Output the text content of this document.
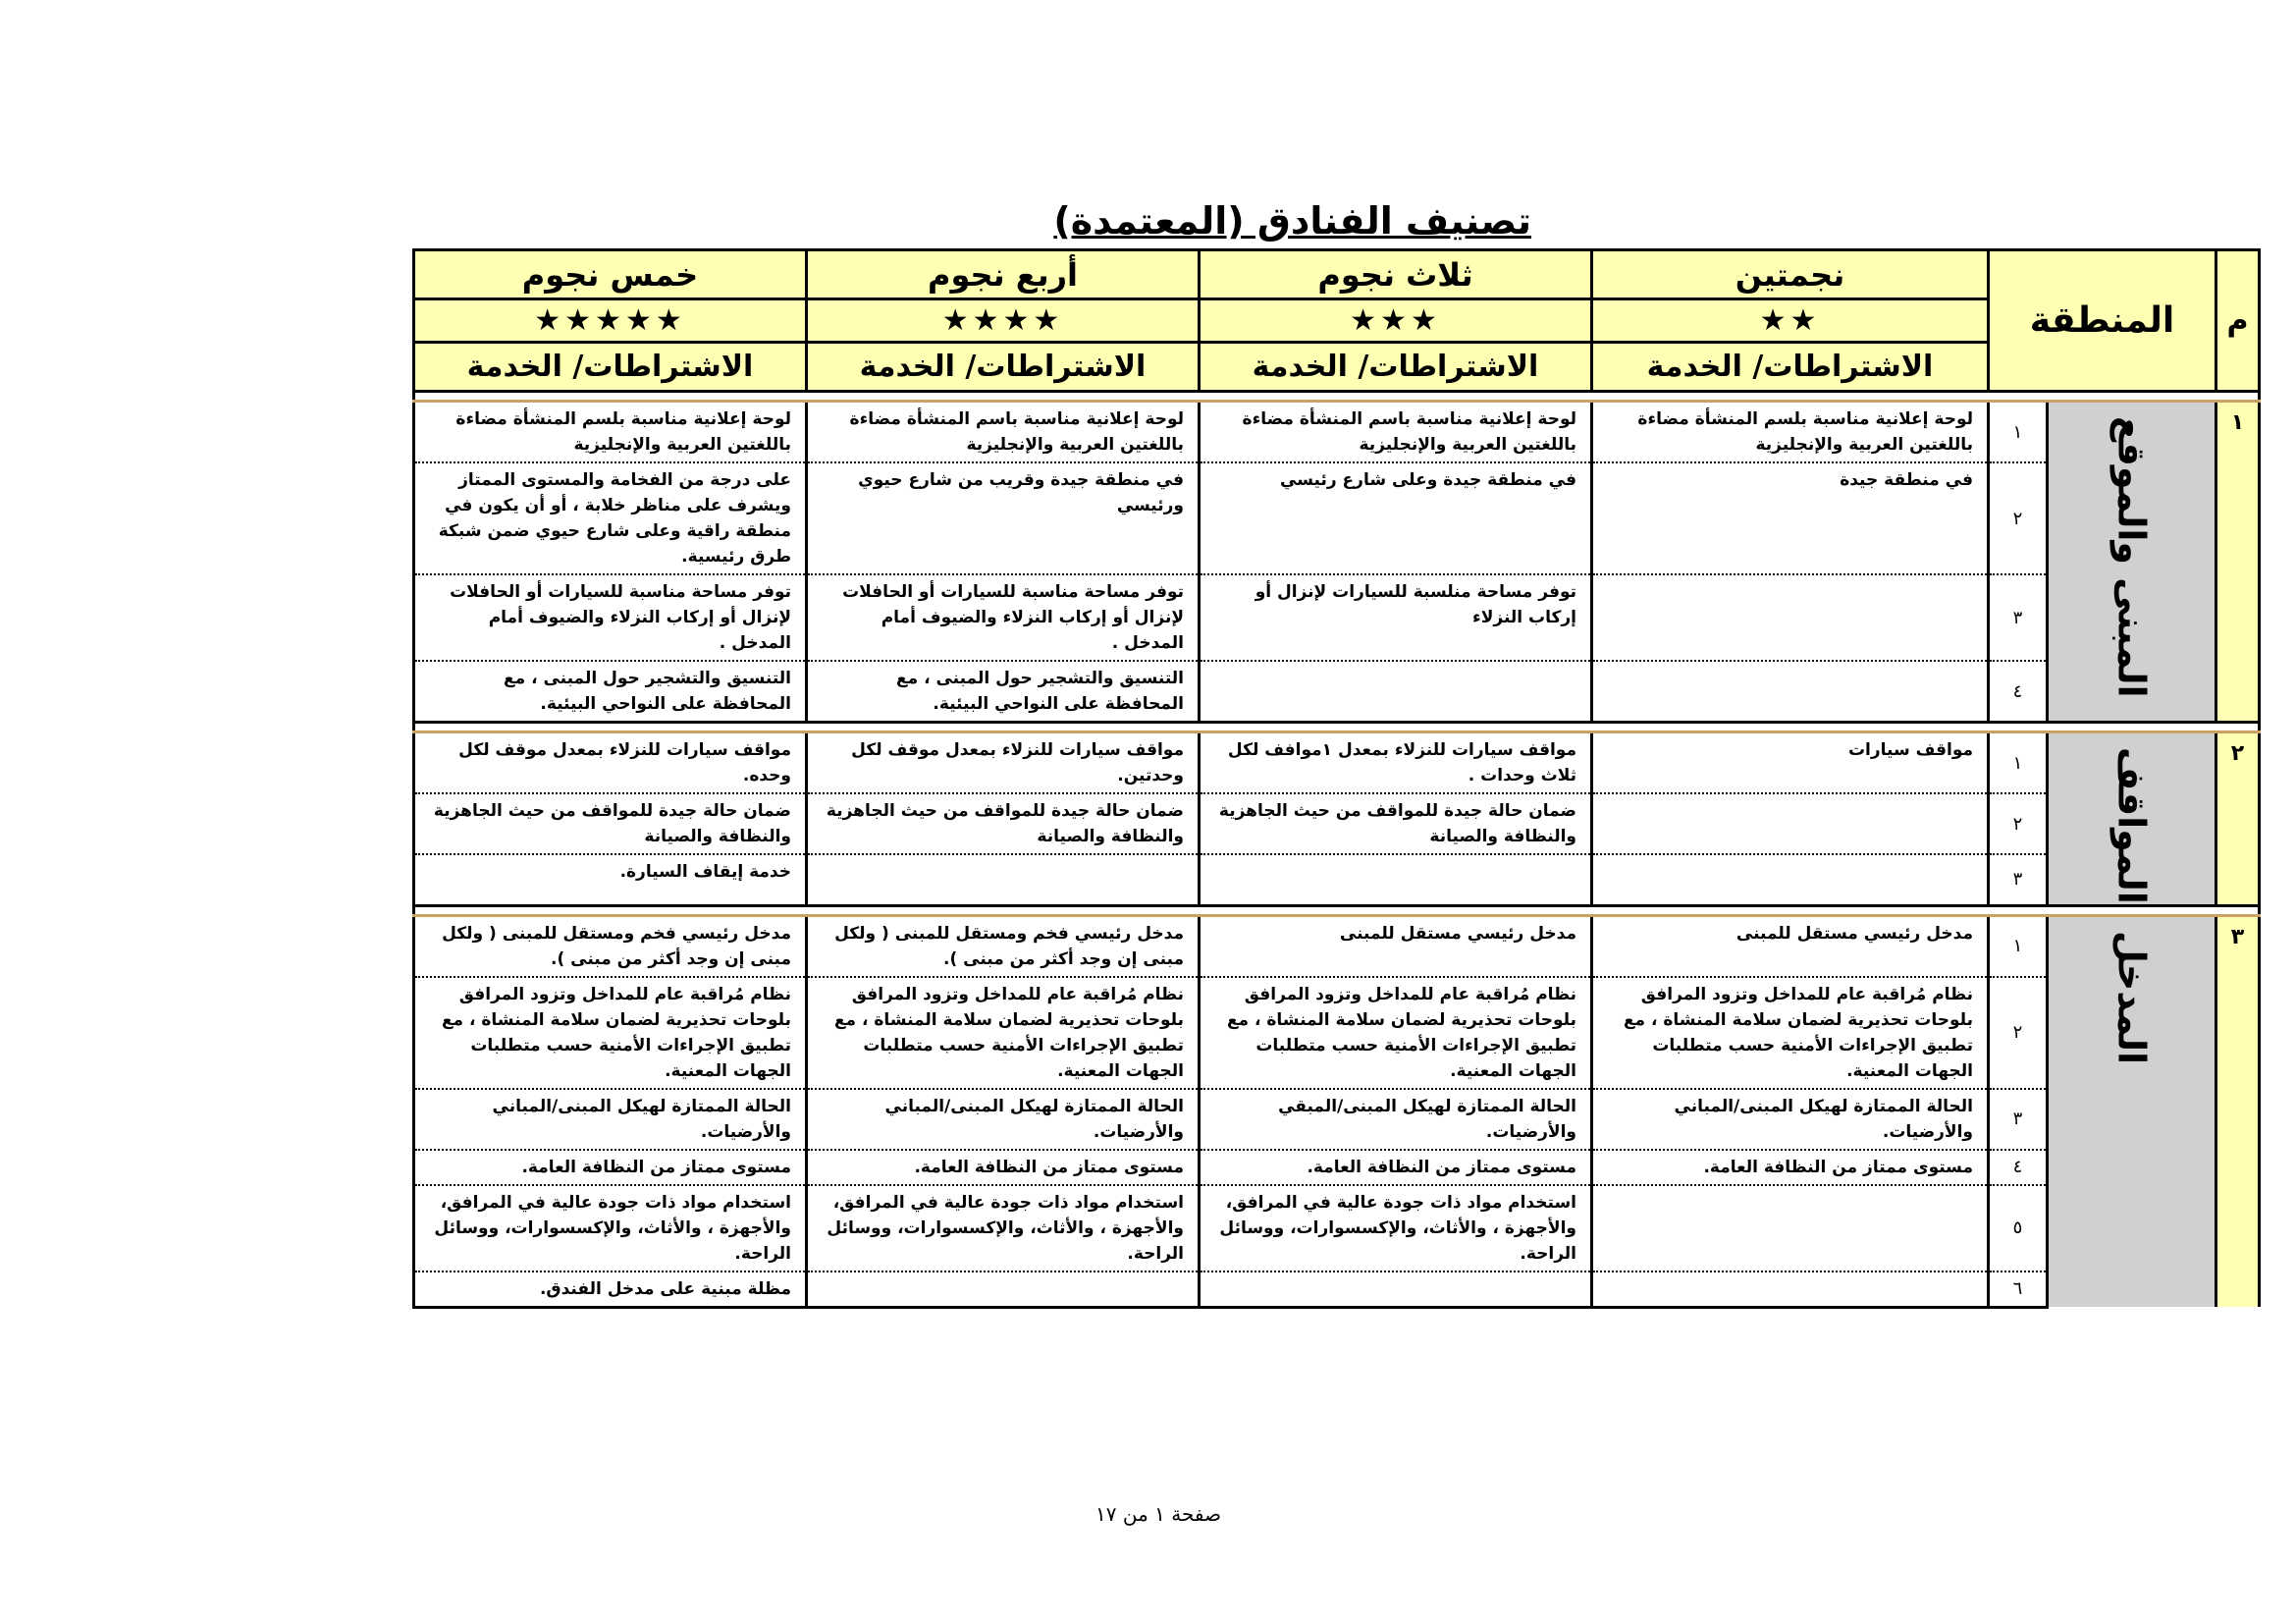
تصنيف الفنادق (المعتمدة)
م	المنطقة		نجمتين	ثلاث نجوم	أربع نجوم	خمس نجوم
			★★	★★★	★★★★	★★★★★
			الاشتراطات/ الخدمة	الاشتراطات/ الخدمة	الاشتراطات/ الخدمة	الاشتراطات/ الخدمة

١	المبنى والموقع	١	لوحة إعلانية مناسبة بلسم المنشأة مضاءة باللغتين العربية والإنجليزية	لوحة إعلانية مناسبة باسم المنشأة مضاءة باللغتين العربية والإنجليزية	لوحة إعلانية مناسبة باسم المنشأة مضاءة باللغتين العربية والإنجليزية	لوحة إعلانية مناسبة بلسم المنشأة مضاءة باللغتين العربية والإنجليزية
		٢	في منطقة جيدة	في منطقة جيدة وعلى شارع رئيسي	في منطقة جيدة وقريب من شارع حيوي ورئيسي	على درجة من الفخامة والمستوى الممتاز ويشرف على مناظر خلابة ، أو أن يكون في منطقة راقية وعلى شارع حيوي ضمن شبكة طرق رئيسية.
		٣		توفر مساحة منلسبة للسيارات لإنزال أو إركاب النزلاء	توفر مساحة مناسبة للسيارات أو الحافلات لإنزال أو إركاب النزلاء والضيوف أمام المدخل .	توفر مساحة مناسبة للسيارات أو الحافلات لإنزال أو إركاب النزلاء والضيوف أمام المدخل .
		٤			التنسيق والتشجير حول المبنى ، مع المحافظة على النواحي البيئية.	التنسيق والتشجير حول المبنى ، مع المحافظة على النواحي البيئية.

٢	المواقف	١	مواقف سيارات	مواقف سيارات للنزلاء بمعدل ١موافف لكل ثلاث وحدات .	مواقف سيارات للنزلاء بمعدل موقف لكل وحدتين.	مواقف سيارات للنزلاء بمعدل موقف لكل وحده.
		٢		ضمان حالة جيدة للمواقف من حيث الجاهزية والنظافة والصيانة	ضمان حالة جيدة للمواقف من حيث الجاهزية والنظافة والصيانة	ضمان حالة جيدة للمواقف من حيث الجاهزية والنظافة والصيانة
		٣				خدمة إيقاف السيارة.

٣	المدخل	١	مدخل رئيسي مستقل للمبنى	مدخل رئيسي مستقل للمبنى	مدخل رئيسي فخم ومستقل للمبنى ( ولكل مبنى إن وجد أكثر من مبنى ).	مدخل رئيسي فخم ومستقل للمبنى ( ولكل مبنى إن وجد أكثر من مبنى ).
		٢	نظام مُراقبة عام للمداخل وتزود المرافق بلوحات تحذيرية لضمان سلامة المنشاة ، مع تطبيق الإجراءات الأمنية حسب متطلبات الجهات المعنية.	نظام مُراقبة عام للمداخل وتزود المرافق بلوحات تحذيرية لضمان سلامة المنشاة ، مع تطبيق الإجراءات الأمنية حسب متطلبات الجهات المعنية.	نظام مُراقبة عام للمداخل وتزود المرافق بلوحات تحذيرية لضمان سلامة المنشاة ، مع تطبيق الإجراءات الأمنية حسب متطلبات الجهات المعنية.	نظام مُراقبة عام للمداخل وتزود المرافق بلوحات تحذيرية لضمان سلامة المنشاة ، مع تطبيق الإجراءات الأمنية حسب متطلبات الجهات المعنية.
		٣	الحالة الممتازة لهيكل المبنى/المباني والأرضيات.	الحالة الممتازة لهيكل المبنى/المبقي والأرضيات.	الحالة الممتازة لهيكل المبنى/المباني والأرضيات.	الحالة الممتازة لهيكل المبنى/المباني والأرضيات.
		٤	مستوى ممتاز من النظافة العامة.	مستوى ممتاز من النظافة العامة.	مستوى ممتاز من النظافة العامة.	مستوى ممتاز من النظافة العامة.
		٥		استخدام مواد ذات جودة عالية في المرافق، والأجهزة ، والأثاث، والإكسسوارات، ووسائل الراحة.	استخدام مواد ذات جودة عالية في المرافق، والأجهزة ، والأثاث، والإكسسوارات، ووسائل الراحة.	استخدام مواد ذات جودة عالية في المرافق، والأجهزة ، والأثاث، والإكسسوارات، ووسائل الراحة.
		٦				مظلة مبنية على مدخل الفندق.
صفحة ١ من ١٧
